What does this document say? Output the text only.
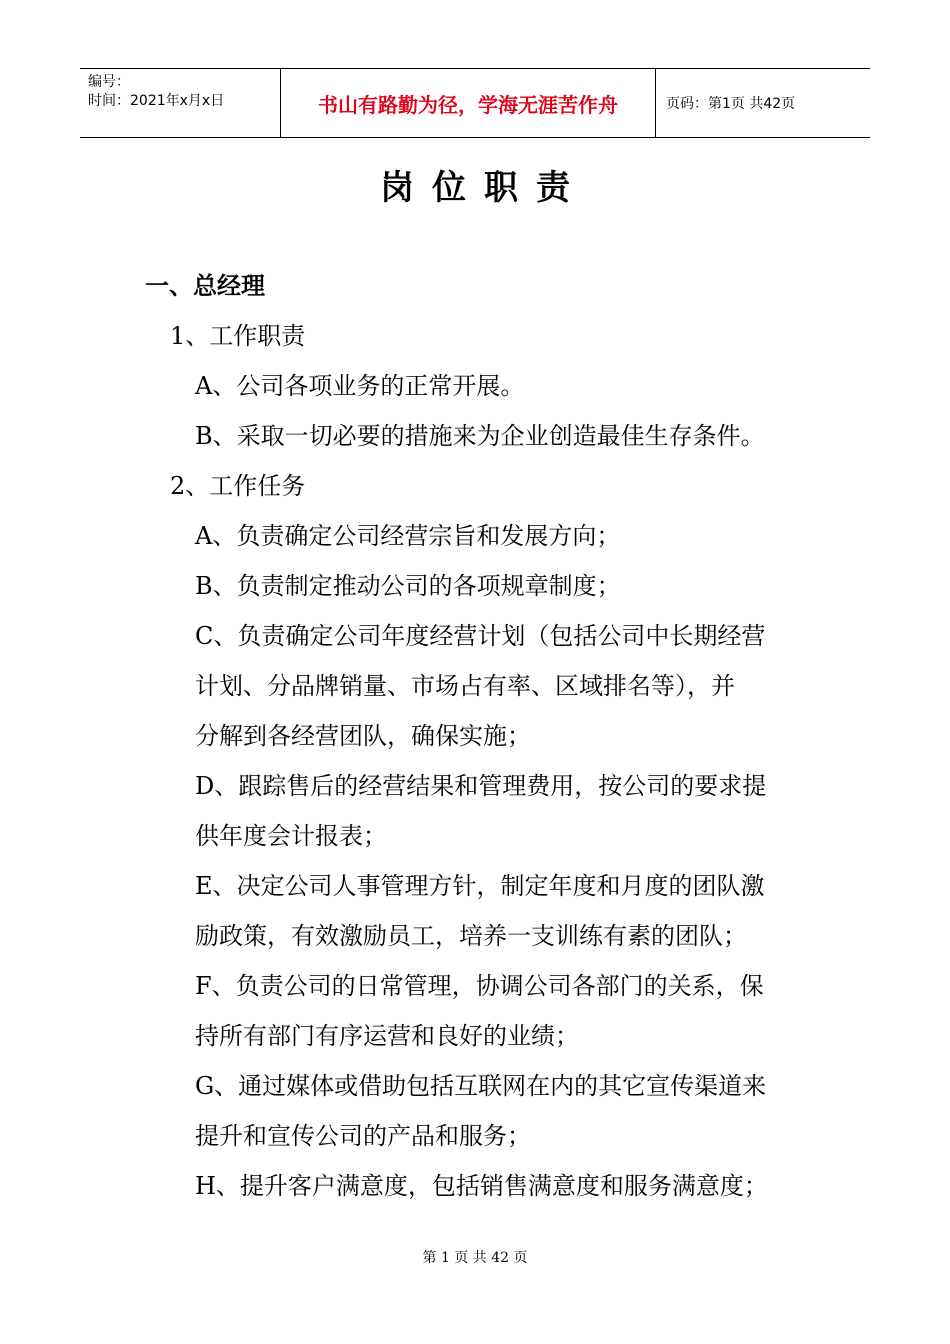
编号：
时间：2021年x月x日	书山有路勤为径，学海无涯苦作舟	页码：第1页 共42页
岗位职责
一、总经理
1、工作职责
A、公司各项业务的正常开展。
B、采取一切必要的措施来为企业创造最佳生存条件。
2、工作任务
A、负责确定公司经营宗旨和发展方向；
B、负责制定推动公司的各项规章制度；
C、负责确定公司年度经营计划（包括公司中长期经营
计划、分品牌销量、市场占有率、区域排名等），并
分解到各经营团队，确保实施；
D、跟踪售后的经营结果和管理费用，按公司的要求提
供年度会计报表；
E、决定公司人事管理方针，制定年度和月度的团队激
励政策，有效激励员工，培养一支训练有素的团队；
F、负责公司的日常管理，协调公司各部门的关系，保
持所有部门有序运营和良好的业绩；
G、通过媒体或借助包括互联网在内的其它宣传渠道来
提升和宣传公司的产品和服务；
H、提升客户满意度，包括销售满意度和服务满意度；
第 1 页 共 42 页
